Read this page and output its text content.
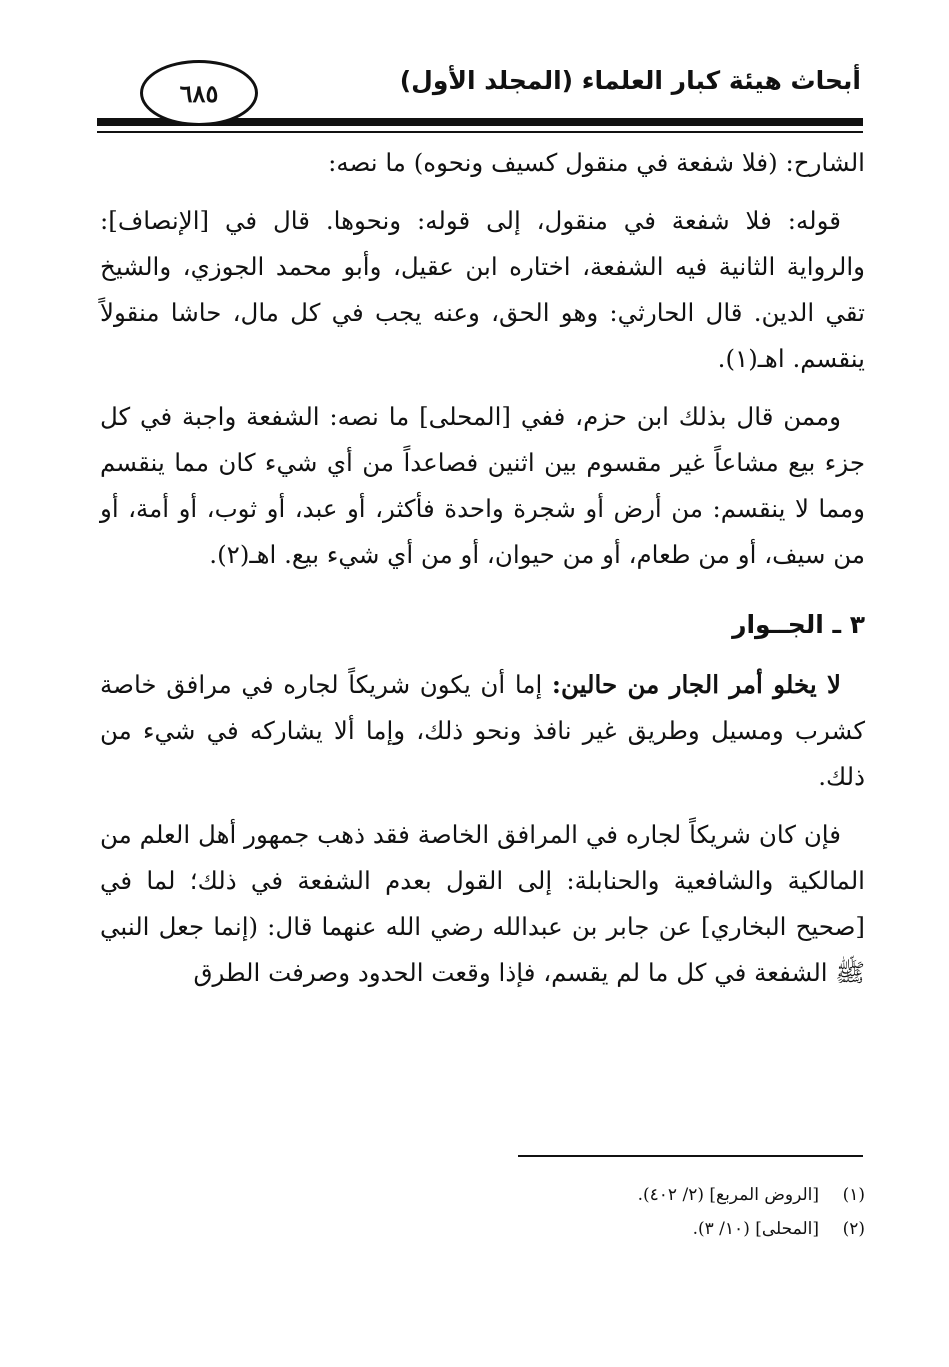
أبحاث هيئة كبار العلماء (المجلد الأول)
٦٨٥

الشارح: (فلا شفعة في منقول كسيف ونحوه) ما نصه:

قوله: فلا شفعة في منقول، إلى قوله: ونحوها. قال في [الإنصاف]: والرواية الثانية فيه الشفعة، اختاره ابن عقيل، وأبو محمد الجوزي، والشيخ تقي الدين. قال الحارثي: وهو الحق، وعنه يجب في كل مال، حاشا منقولاً ينقسم. اهـ(١).

وممن قال بذلك ابن حزم، ففي [المحلى] ما نصه: الشفعة واجبة في كل جزء بيع مشاعاً غير مقسوم بين اثنين فصاعداً من أي شيء كان مما ينقسم ومما لا ينقسم: من أرض أو شجرة واحدة فأكثر، أو عبد، أو ثوب، أو أمة، أو من سيف، أو من طعام، أو من حيوان، أو من أي شيء بيع. اهـ(٢).

٣ ـ الجــوار

لا يخلو أمر الجار من حالين: إما أن يكون شريكاً لجاره في مرافق خاصة كشرب ومسيل وطريق غير نافذ ونحو ذلك، وإما ألا يشاركه في شيء من ذلك.

فإن كان شريكاً لجاره في المرافق الخاصة فقد ذهب جمهور أهل العلم من المالكية والشافعية والحنابلة: إلى القول بعدم الشفعة في ذلك؛ لما في [صحيح البخاري] عن جابر بن عبدالله رضي الله عنهما قال: (إنما جعل النبي ﷺ الشفعة في كل ما لم يقسم، فإذا وقعت الحدود وصرفت الطرق

(١)[الروض المربع] (٢/ ٤٠٢).
(٢)[المحلى] (١٠/ ٣).
